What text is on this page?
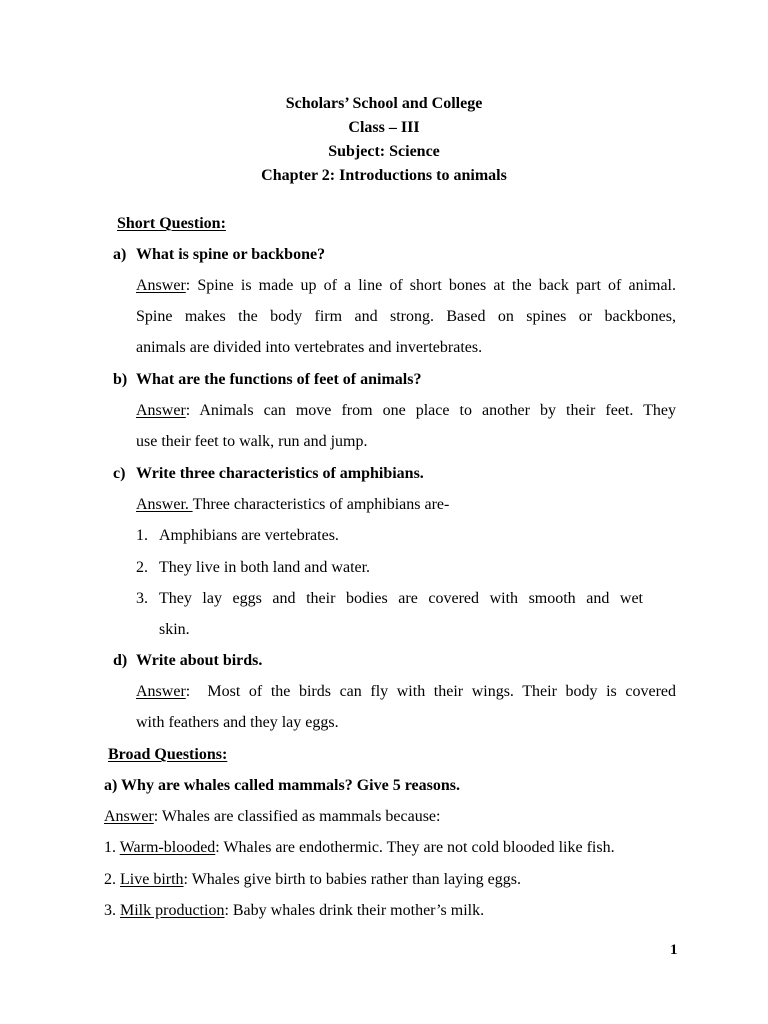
Scholars’ School and College
Class – III
Subject: Science
Chapter 2: Introductions to animals
Short Question:
a) What is spine or backbone?
Answer: Spine is made up of a line of short bones at the back part of animal.
Spine makes the body firm and strong. Based on spines or backbones,
animals are divided into vertebrates and invertebrates.
b) What are the functions of feet of animals?
Answer: Animals can move from one place to another by their feet. They
use their feet to walk, run and jump.
c) Write three characteristics of amphibians.
Answer. Three characteristics of amphibians are-
1. Amphibians are vertebrates.
2. They live in both land and water.
3. They lay eggs and their bodies are covered with smooth and wet
skin.
d) Write about birds.
Answer:  Most of the birds can fly with their wings. Their body is covered
with feathers and they lay eggs.
Broad Questions:
a) Why are whales called mammals? Give 5 reasons.
Answer: Whales are classified as mammals because:
1. Warm-blooded: Whales are endothermic. They are not cold blooded like fish.
2. Live birth: Whales give birth to babies rather than laying eggs.
3. Milk production: Baby whales drink their mother’s milk.
1
